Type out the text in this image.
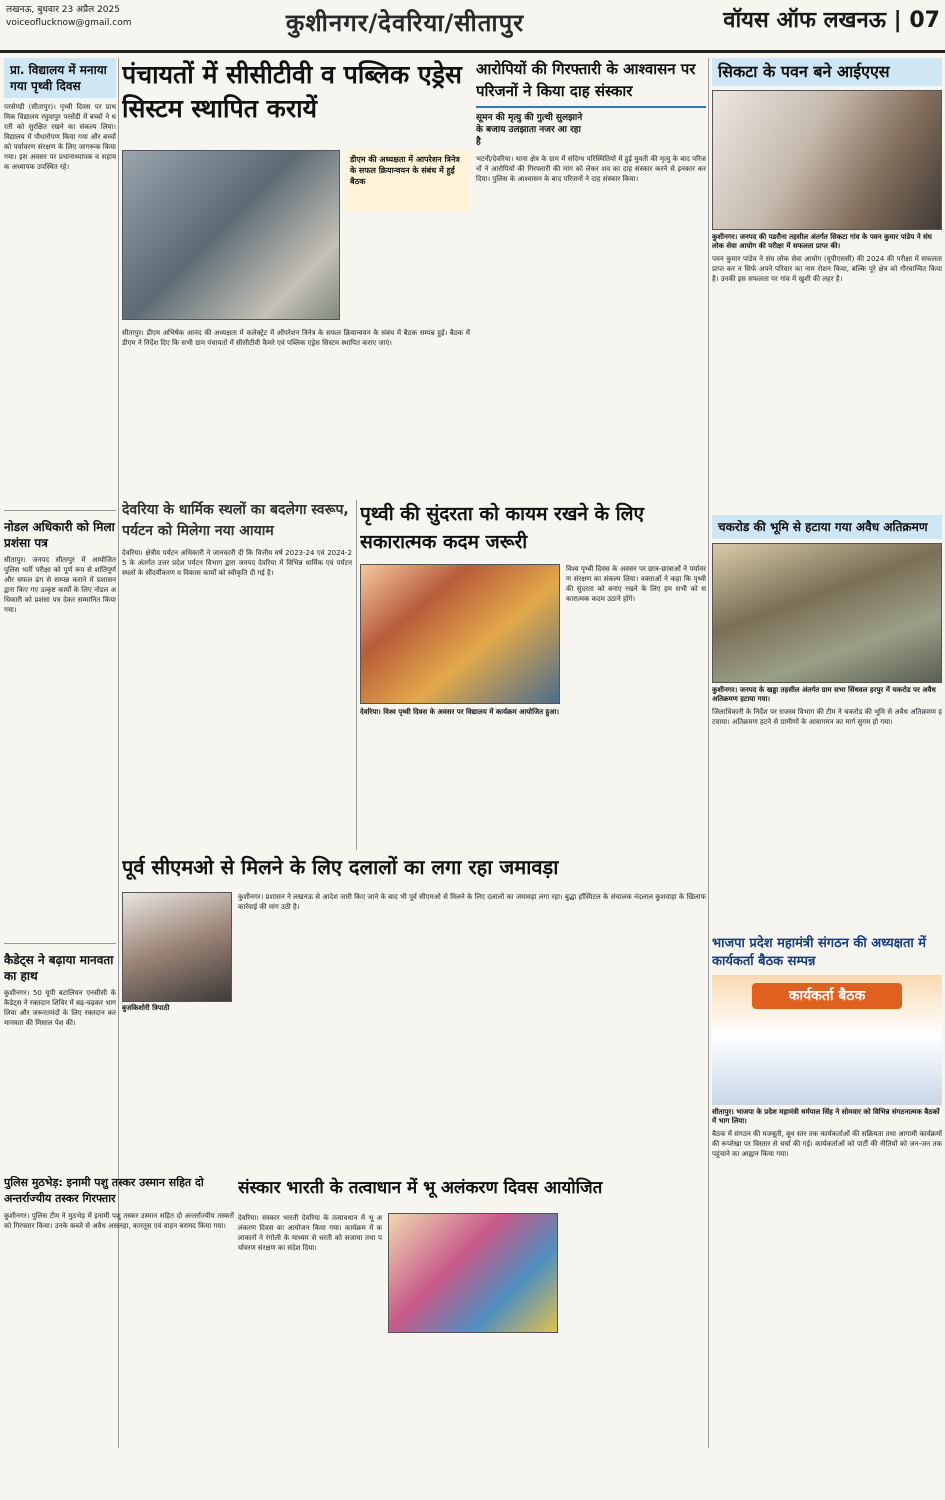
लखनऊ, बुधवार 23 अप्रैल 2025
voiceoflucknow@gmail.com	कुशीनगर/देवरिया/सीतापुर	वॉयस ऑफ लखनऊ | 07
प्रा. विद्यालय में मनाया गया पृथ्वी दिवस
परसेण्डी (सीतापुर)। पृथ्वी दिवस पर प्राथमिक विद्यालय रघुवापुर परसेंडी में बच्चों ने धरती को सुरक्षित रखने का संकल्प लिया। विद्यालय में पौधारोपण किया गया और बच्चों को पर्यावरण संरक्षण के लिए जागरूक किया गया। इस अवसर पर प्रधानाध्यापक व सहायक अध्यापक उपस्थित रहे।
नोडल अधिकारी को मिला प्रशंसा पत्र
सीतापुर। जनपद सीतापुर में आयोजित पुलिस भर्ती परीक्षा को पूर्ण रूप से शांतिपूर्ण और सफल ढंग से सम्पन्न कराने में प्रशासन द्वारा किए गए उत्कृष्ट कार्यों के लिए नोडल अधिकारी को प्रशंसा पत्र देकर सम्मानित किया गया।
कैडेट्स ने बढ़ाया मानवता का हाथ
कुशीनगर। 50 यूपी बटालियन एनसीसी के कैडेट्स ने रक्तदान शिविर में बढ़-चढ़कर भाग लिया और जरूरतमंदों के लिए रक्तदान कर मानवता की मिसाल पेश की।
पंचायतों में सीसीटीवी व पब्लिक एड्रेस सिस्टम स्थापित करायें
डीएम की अध्यक्षता में आपरेशन त्रिनेत्र के सफल क्रियान्वयन के संबंध में हुई बैठक
सीतापुर। डीएम अभिषेक आनंद की अध्यक्षता में कलेक्ट्रेट में ऑपरेशन त्रिनेत्र के सफल क्रियान्वयन के संबंध में बैठक सम्पन्न हुई। बैठक में डीएम ने निर्देश दिए कि सभी ग्राम पंचायतों में सीसीटीवी कैमरे एवं पब्लिक एड्रेस सिस्टम स्थापित कराए जाएं।
आरोपियों की गिरफ्तारी के आश्वासन पर परिजनों ने किया दाह संस्कार
सूमन की मृत्यु की गुत्थी सुलझाने के बजाय उलझाता नजर आ रहा है
भटनी/देवरिया। थाना क्षेत्र के ग्राम में संदिग्ध परिस्थितियों में हुई युवती की मृत्यु के बाद परिजनों ने आरोपियों की गिरफ्तारी की मांग को लेकर शव का दाह संस्कार करने से इनकार कर दिया। पुलिस के आश्वासन के बाद परिजनों ने दाह संस्कार किया।
सिकटा के पवन बने आईएएस
कुशीनगर। जनपद की पडरौना तहसील अंतर्गत सिकटा गांव के पवन कुमार पांडेय ने संघ लोक सेवा आयोग की परीक्षा में सफलता प्राप्त की।
पवन कुमार पांडेय ने संघ लोक सेवा आयोग (यूपीएससी) की 2024 की परीक्षा में सफलता प्राप्त कर न सिर्फ अपने परिवार का नाम रोशन किया, बल्कि पूरे क्षेत्र को गौरवान्वित किया है। उनकी इस सफलता पर गांव में खुशी की लहर है।
चकरोड की भूमि से हटाया गया अवैध अतिक्रमण
कुशीनगर। जनपद के खड्डा तहसील अंतर्गत ग्राम सभा सिंधवल हरपुर में चकरोड पर अवैध अतिक्रमण हटाया गया।
जिलाधिकारी के निर्देश पर राजस्व विभाग की टीम ने चकरोड की भूमि से अवैध अतिक्रमण हटवाया। अतिक्रमण हटने से ग्रामीणों के आवागमन का मार्ग सुगम हो गया।
भाजपा प्रदेश महामंत्री संगठन की अध्यक्षता में कार्यकर्ता बैठक सम्पन्न
कार्यकर्ता बैठक
सीतापुर। भाजपा के प्रदेश महामंत्री धर्मपाल सिंह ने सोमवार को विभिन्न संगठनात्मक बैठकों में भाग लिया।
बैठक में संगठन की मजबूती, बूथ स्तर तक कार्यकर्ताओं की सक्रियता तथा आगामी कार्यक्रमों की रूपरेखा पर विस्तार से चर्चा की गई। कार्यकर्ताओं को पार्टी की नीतियों को जन-जन तक पहुंचाने का आह्वान किया गया।
देवरिया के धार्मिक स्थलों का बदलेगा स्वरूप, पर्यटन को मिलेगा नया आयाम
देवरिया। क्षेत्रीय पर्यटन अधिकारी ने जानकारी दी कि वित्तीय वर्ष 2023-24 एवं 2024-25 के अंतर्गत उत्तर प्रदेश पर्यटन विभाग द्वारा जनपद देवरिया में विभिन्न धार्मिक एवं पर्यटन स्थलों के सौंदर्यीकरण व विकास कार्यों को स्वीकृति दी गई है।
पृथ्वी की सुंदरता को कायम रखने के लिए सकारात्मक कदम जरूरी
देवरिया। विश्व पृथ्वी दिवस के अवसर पर विद्यालय में कार्यक्रम आयोजित हुआ।
विश्व पृथ्वी दिवस के अवसर पर छात्र-छात्राओं ने पर्यावरण संरक्षण का संकल्प लिया। वक्ताओं ने कहा कि पृथ्वी की सुंदरता को बनाए रखने के लिए हम सभी को सकारात्मक कदम उठाने होंगे।
पूर्व सीएमओ से मिलने के लिए दलालों का लगा रहा जमावड़ा
बुजकिशोरी त्रिपाठी
कुशीनगर। प्रशासन ने लखनऊ से आदेश जारी किए जाने के बाद भी पूर्व सीएमओ से मिलने के लिए दलालों का जमावड़ा लगा रहा। बुद्धा हॉस्पिटल के संचालक नंदलाल कुशवाहा के खिलाफ कार्रवाई की मांग उठी है।
पुलिस मुठभेड़: इनामी पशु तस्कर उस्मान सहित दो अन्तर्राज्यीय तस्कर गिरफ्तार
कुशीनगर। पुलिस टीम ने मुठभेड़ में इनामी पशु तस्कर उस्मान सहित दो अन्तर्राज्यीय तस्करों को गिरफ्तार किया। उनके कब्जे से अवैध असलहा, कारतूस एवं वाहन बरामद किया गया।
संस्कार भारती के तत्वाधान में भू अलंकरण दिवस आयोजित
देवरिया। संस्कार भारती देवरिया के तत्वावधान में भू अलंकरण दिवस का आयोजन किया गया। कार्यक्रम में कलाकारों ने रंगोली के माध्यम से धरती को सजाया तथा पर्यावरण संरक्षण का संदेश दिया।
